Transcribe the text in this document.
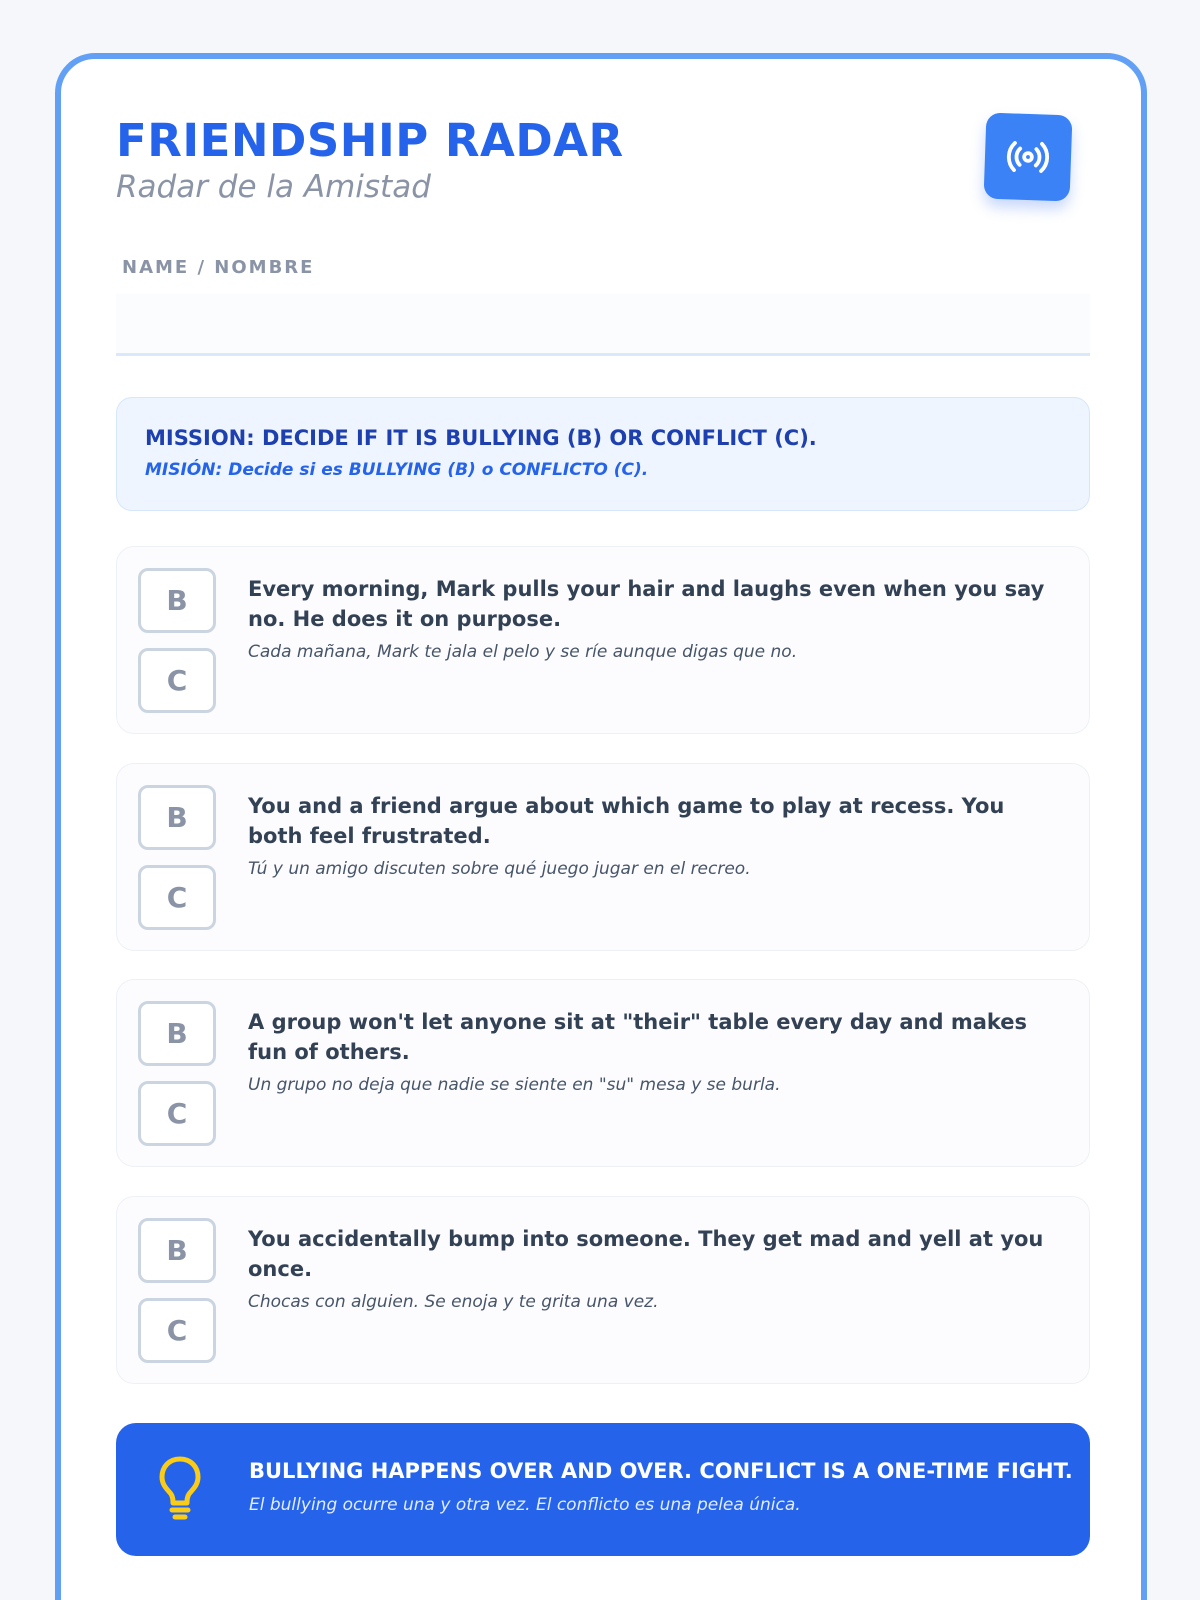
FRIENDSHIP RADAR
Radar de la Amistad
NAME / NOMBRE
MISSION: DECIDE IF IT IS BULLYING (B) OR CONFLICT (C).
MISIÓN: Decide si es BULLYING (B) o CONFLICTO (C).
B
C
Every morning, Mark pulls your hair and laughs even when you say no. He does it on purpose.
Cada mañana, Mark te jala el pelo y se ríe aunque digas que no.
B
C
You and a friend argue about which game to play at recess. You both feel frustrated.
Tú y un amigo discuten sobre qué juego jugar en el recreo.
B
C
A group won't let anyone sit at "their" table every day and makes fun of others.
Un grupo no deja que nadie se siente en "su" mesa y se burla.
B
C
You accidentally bump into someone. They get mad and yell at you once.
Chocas con alguien. Se enoja y te grita una vez.
BULLYING HAPPENS OVER AND OVER. CONFLICT IS A ONE-TIME FIGHT.
El bullying ocurre una y otra vez. El conflicto es una pelea única.
